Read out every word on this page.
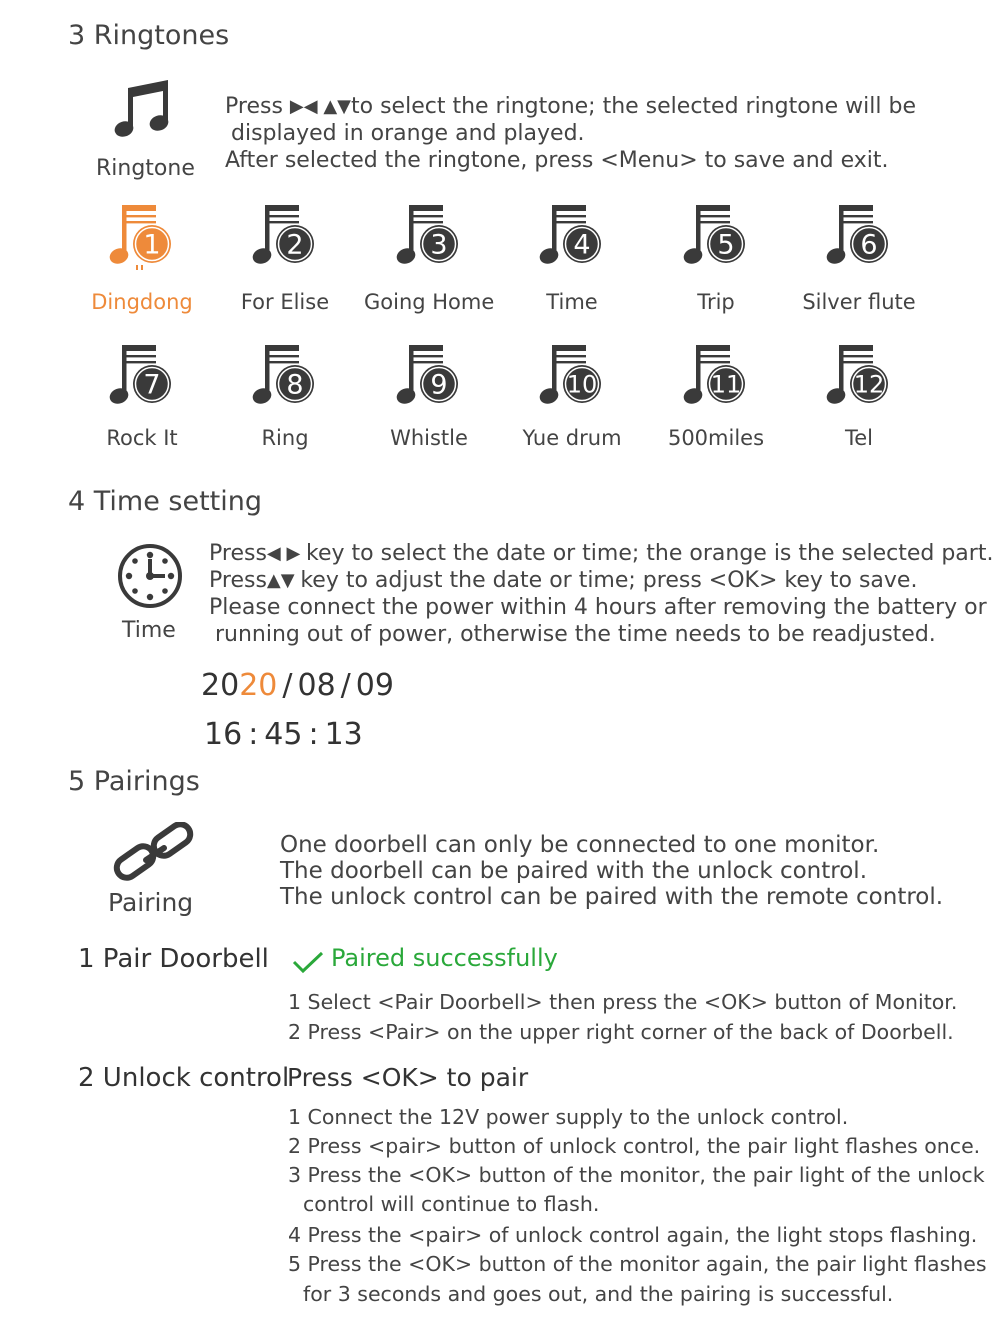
3 Ringtones
Ringtone
Press ▶◀ ▲▼to select the ringtone; the selected ringtone will be
displayed in orange and played.
After selected the ringtone, press <Menu> to save and exit.
1
Dingdong
2
For Elise
3
Going Home
4
Time
5
Trip
6
Silver flute
7
Rock It
8
Ring
9
Whistle
10
Yue drum
11
500miles
12
Tel
4 Time setting
Time
Press◀ ▶ key to select the date or time; the orange is the selected part.
Press▲▼ key to adjust the date or time; press <OK> key to save.
Please connect the power within 4 hours after removing the battery or
running out of power, otherwise the time needs to be readjusted.
2020 / 08 / 09
16 : 45 : 13
5 Pairings
Pairing
One doorbell can only be connected to one monitor.
The doorbell can be paired with the unlock control.
The unlock control can be paired with the remote control.
1 Pair Doorbell	Paired successfully
1 Select <Pair Doorbell> then press the <OK> button of Monitor.
2 Press <Pair> on the upper right corner of the back of Doorbell.
2 Unlock control
Press <OK> to pair
1 Connect the 12V power supply to the unlock control.
2 Press <pair> button of unlock control, the pair light flashes once.
3 Press the <OK> button of the monitor, the pair light of the unlock
control will continue to flash.
4 Press the <pair> of unlock control again, the light stops flashing.
5 Press the <OK> button of the monitor again, the pair light flashes
for 3 seconds and goes out, and the pairing is successful.
